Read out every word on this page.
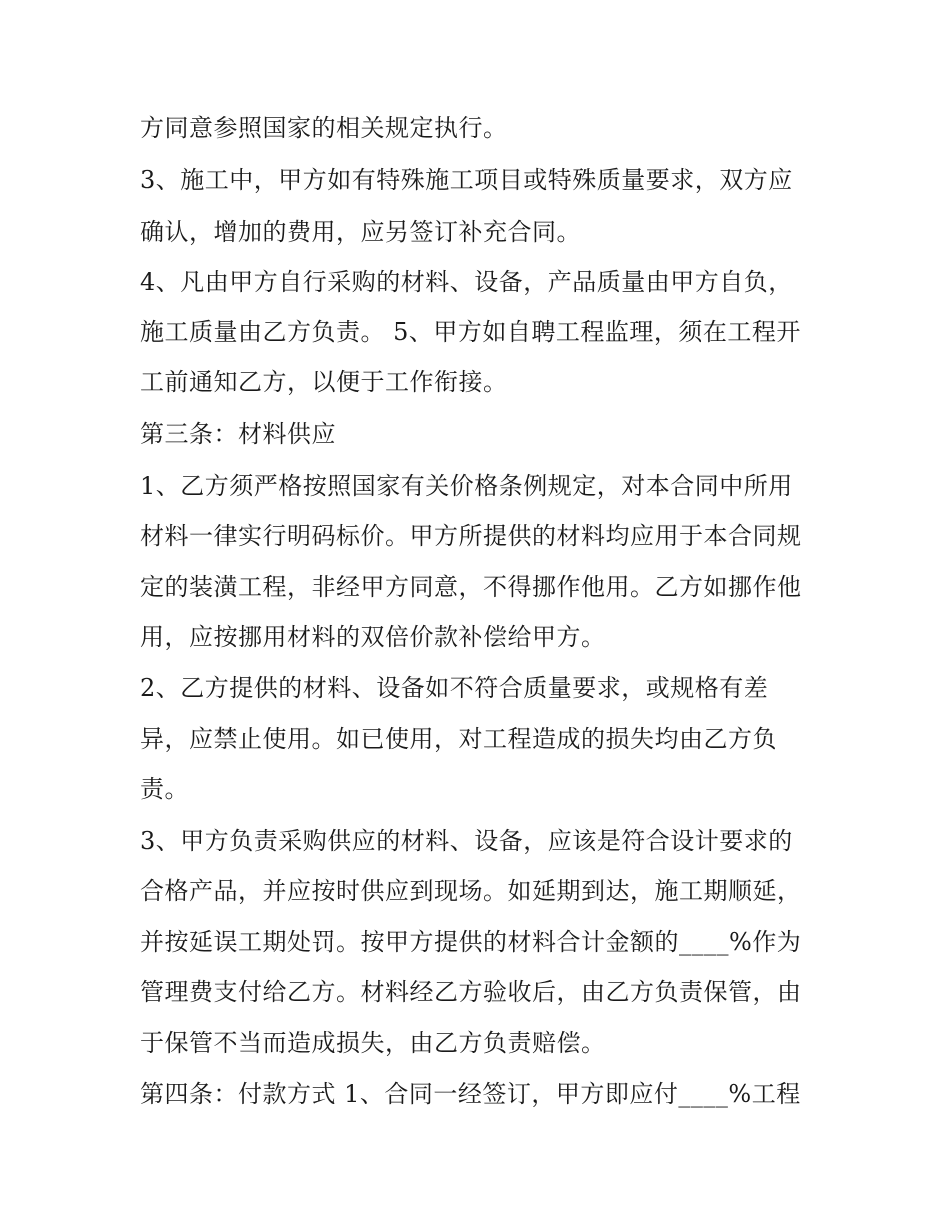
方同意参照国家的相关规定执行。
3、施工中，甲方如有特殊施工项目或特殊质量要求，双方应
确认，增加的费用，应另签订补充合同。
4、凡由甲方自行采购的材料、设备，产品质量由甲方自负，
施工质量由乙方负责。 5、甲方如自聘工程监理，须在工程开
工前通知乙方，以便于工作衔接。
第三条：材料供应
1、乙方须严格按照国家有关价格条例规定，对本合同中所用
材料一律实行明码标价。甲方所提供的材料均应用于本合同规
定的装潢工程，非经甲方同意，不得挪作他用。乙方如挪作他
用，应按挪用材料的双倍价款补偿给甲方。
2、乙方提供的材料、设备如不符合质量要求，或规格有差
异，应禁止使用。如已使用，对工程造成的损失均由乙方负
责。
3、甲方负责采购供应的材料、设备，应该是符合设计要求的
合格产品，并应按时供应到现场。如延期到达，施工期顺延，
并按延误工期处罚。按甲方提供的材料合计金额的____%作为
管理费支付给乙方。材料经乙方验收后，由乙方负责保管，由
于保管不当而造成损失，由乙方负责赔偿。
第四条：付款方式 1、合同一经签订，甲方即应付____%工程
